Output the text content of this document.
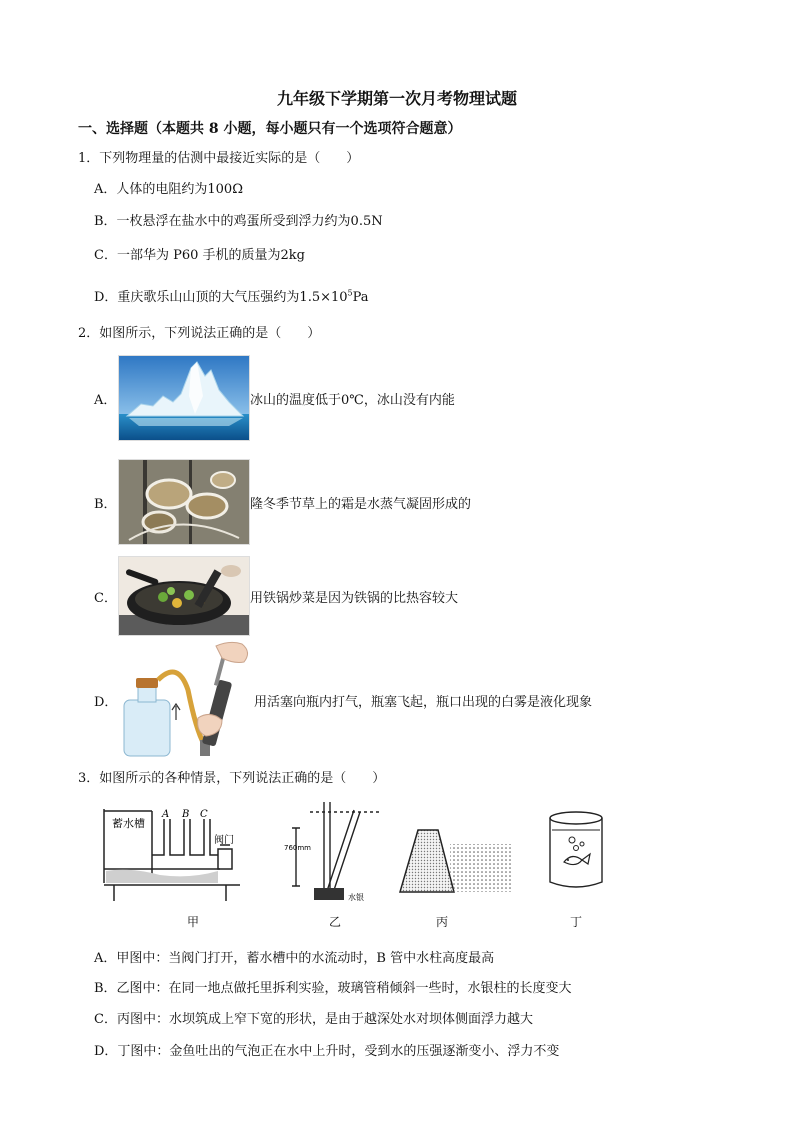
九年级下学期第一次月考物理试题
一、选择题（本题共 8 小题，每小题只有一个选项符合题意）
1．下列物理量的估测中最接近实际的是（　　）
A．人体的电阻约为100Ω
B．一枚悬浮在盐水中的鸡蛋所受到浮力约为0.5N
C．一部华为 P60 手机的质量为2kg
D．重庆歌乐山山顶的大气压强约为$1.5\times 10^5Pa$
2．如图所示，下列说法正确的是（　　）
A．	冰山的温度低于0℃，冰山没有内能
B．	隆冬季节草上的霜是水蒸气凝固形成的
C．	用铁锅炒菜是因为铁锅的比热容较大
D．	用活塞向瓶内打气，瓶塞飞起，瓶口出现的白雾是液化现象
3．如图所示的各种情景，下列说法正确的是（　　）
蓄水槽
A B C
阀门
760mm
水银
甲	乙	丙	丁
A．甲图中：当阀门打开，蓄水槽中的水流动时，B 管中水柱高度最高
B．乙图中：在同一地点做托里拆利实验，玻璃管稍倾斜一些时，水银柱的长度变大
C．丙图中：水坝筑成上窄下宽的形状，是由于越深处水对坝体侧面浮力越大
D．丁图中：金鱼吐出的气泡正在水中上升时，受到水的压强逐渐变小、浮力不变
